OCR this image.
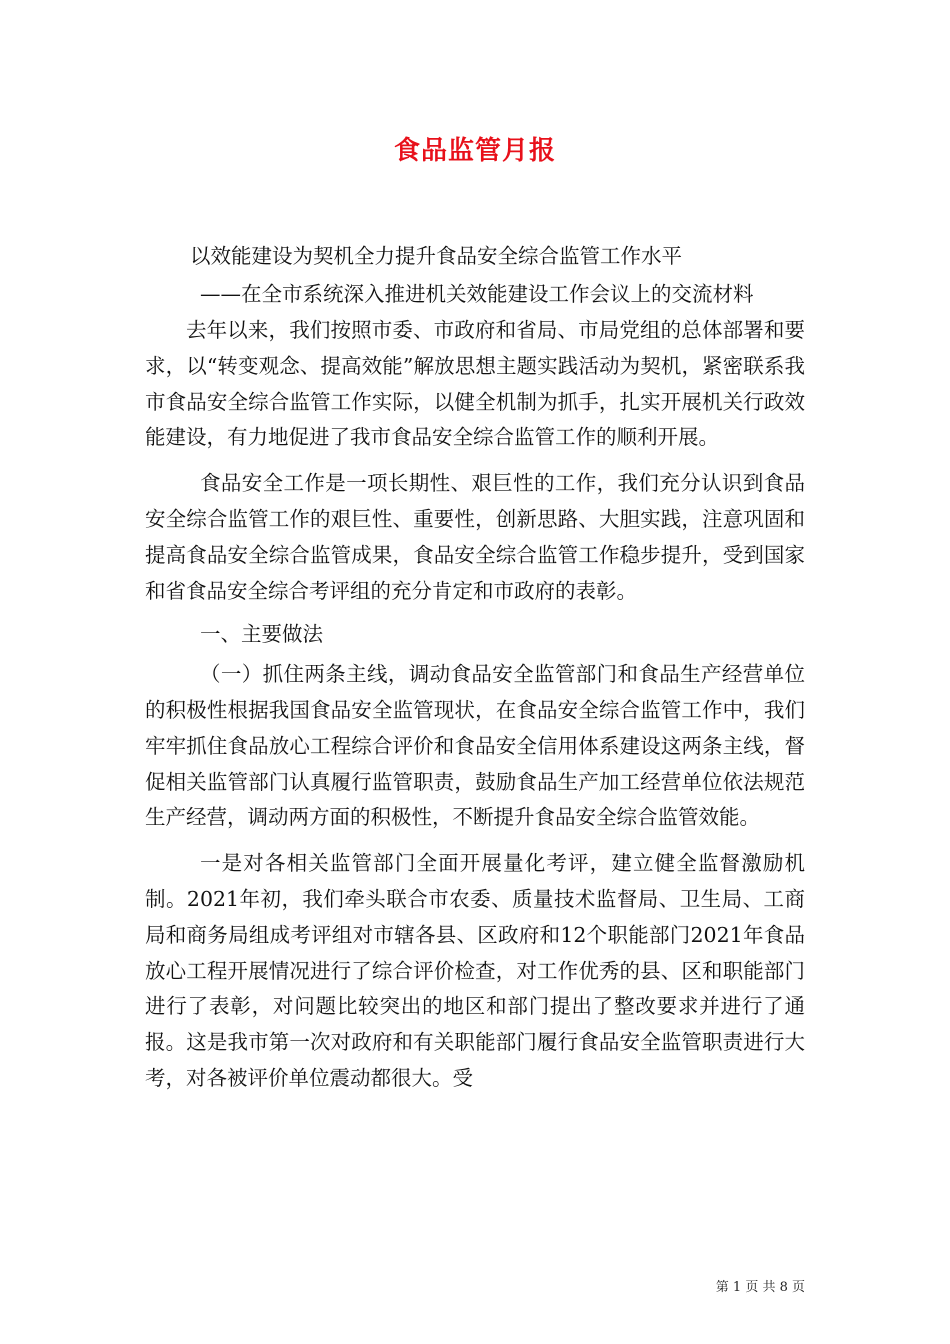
食品监管月报

以效能建设为契机全力提升食品安全综合监管工作水平

——在全市系统深入推进机关效能建设工作会议上的交流材料

去年以来，我们按照市委、市政府和省局、市局党组的总体部署和要求，以“转变观念、提高效能”解放思想主题实践活动为契机，紧密联系我市食品安全综合监管工作实际，以健全机制为抓手，扎实开展机关行政效能建设，有力地促进了我市食品安全综合监管工作的顺利开展。

食品安全工作是一项长期性、艰巨性的工作，我们充分认识到食品安全综合监管工作的艰巨性、重要性，创新思路、大胆实践，注意巩固和提高食品安全综合监管成果，食品安全综合监管工作稳步提升，受到国家和省食品安全综合考评组的充分肯定和市政府的表彰。

一、主要做法

（一）抓住两条主线，调动食品安全监管部门和食品生产经营单位的积极性根据我国食品安全监管现状，在食品安全综合监管工作中，我们牢牢抓住食品放心工程综合评价和食品安全信用体系建设这两条主线，督促相关监管部门认真履行监管职责，鼓励食品生产加工经营单位依法规范生产经营，调动两方面的积极性，不断提升食品安全综合监管效能。

一是对各相关监管部门全面开展量化考评，建立健全监督激励机制。2021年初，我们牵头联合市农委、质量技术监督局、卫生局、工商局和商务局组成考评组对市辖各县、区政府和12个职能部门2021年食品放心工程开展情况进行了综合评价检查，对工作优秀的县、区和职能部门进行了表彰，对问题比较突出的地区和部门提出了整改要求并进行了通报。这是我市第一次对政府和有关职能部门履行食品安全监管职责进行大考，对各被评价单位震动都很大。受

第 1 页 共 8 页
